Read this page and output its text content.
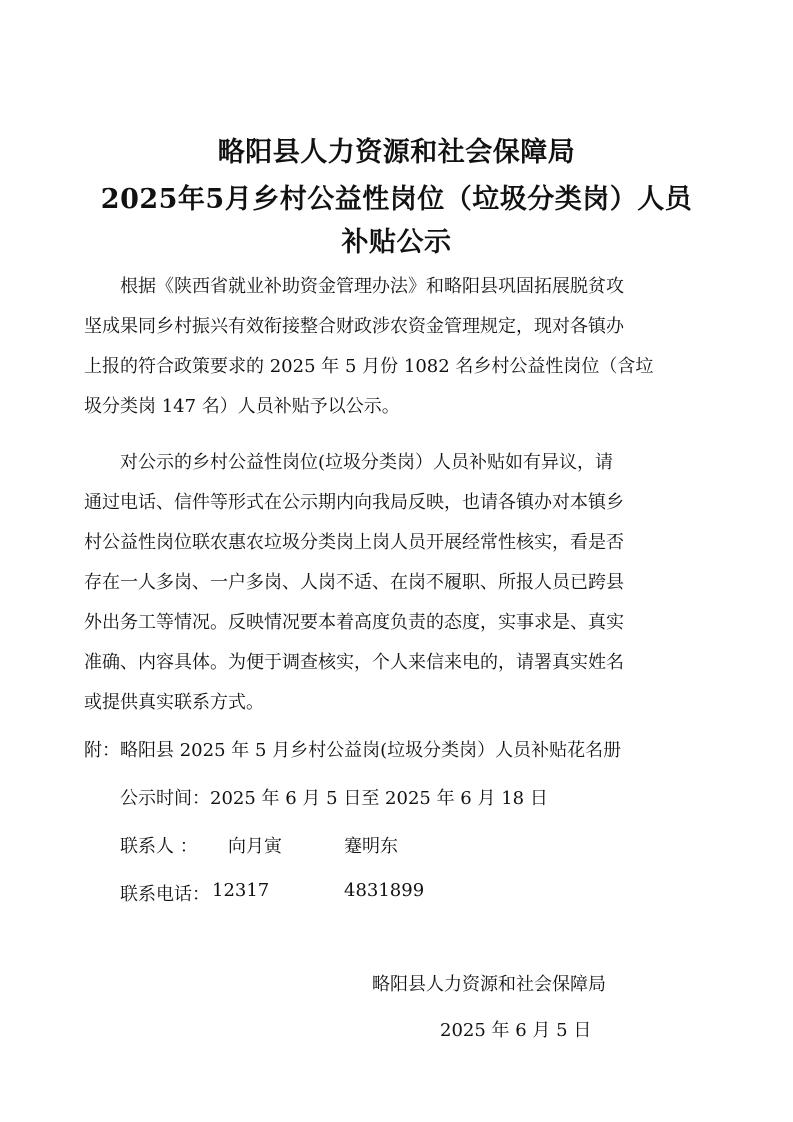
略阳县人力资源和社会保障局
2025年5月乡村公益性岗位（垃圾分类岗）人员
补贴公示
根据《陕西省就业补助资金管理办法》和略阳县巩固拓展脱贫攻
坚成果同乡村振兴有效衔接整合财政涉农资金管理规定，现对各镇办
上报的符合政策要求的 2025 年 5 月份 1082 名乡村公益性岗位（含垃
圾分类岗 147 名）人员补贴予以公示。
对公示的乡村公益性岗位(垃圾分类岗）人员补贴如有异议，请
通过电话、信件等形式在公示期内向我局反映，也请各镇办对本镇乡
村公益性岗位联农惠农垃圾分类岗上岗人员开展经常性核实，看是否
存在一人多岗、一户多岗、人岗不适、在岗不履职、所报人员已跨县
外出务工等情况。反映情况要本着高度负责的态度，实事求是、真实
准确、内容具体。为便于调查核实，个人来信来电的，请署真实姓名
或提供真实联系方式。
附：略阳县 2025 年 5 月乡村公益岗(垃圾分类岗）人员补贴花名册
公示时间：2025 年 6 月 5 日至 2025 年 6 月 18 日
联系人 ： 向月寅	蹇明东
联系电话： 12317	4831899
略阳县人力资源和社会保障局
2025 年 6 月 5 日
